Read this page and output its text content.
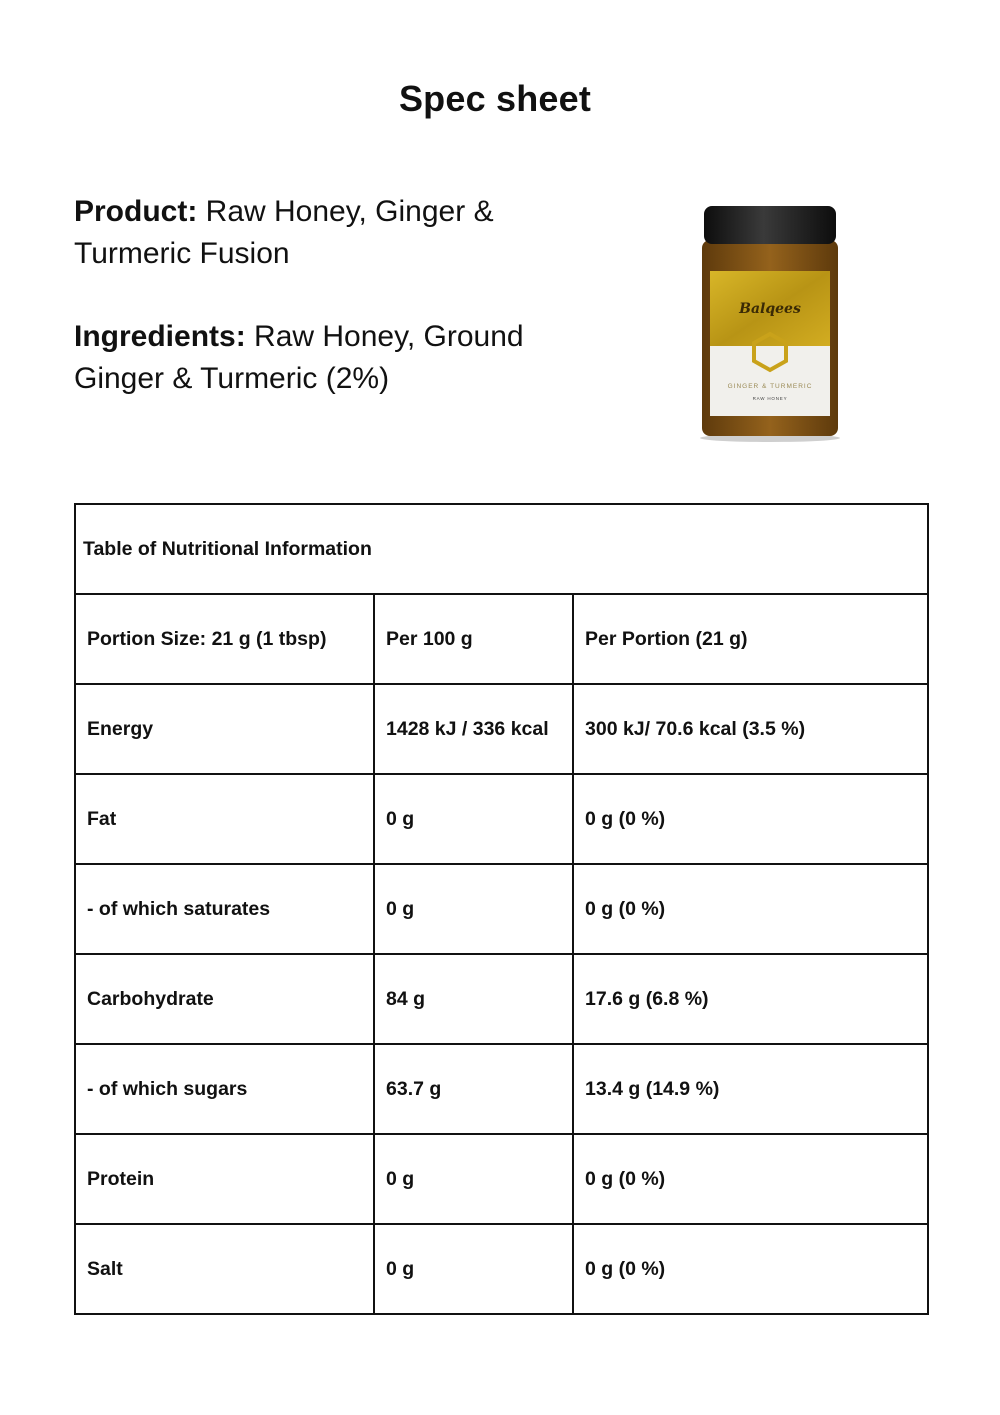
Spec sheet
Product: Raw Honey, Ginger &
Turmeric Fusion
Ingredients: Raw Honey, Ground
Ginger & Turmeric (2%)
Balqees
GINGER & TURMERIC
RAW HONEY
Table of Nutritional Information		
Portion Size: 21 g (1 tbsp)	Per 100 g	Per Portion (21 g)
Energy	1428 kJ / 336 kcal	300 kJ/ 70.6 kcal (3.5 %)
Fat	0 g	0 g (0 %)
- of which saturates	0 g	0 g (0 %)
Carbohydrate	84 g	17.6 g (6.8 %)
- of which sugars	63.7 g	13.4 g (14.9 %)
Protein	0 g	0 g (0 %)
Salt	0 g	0 g (0 %)
